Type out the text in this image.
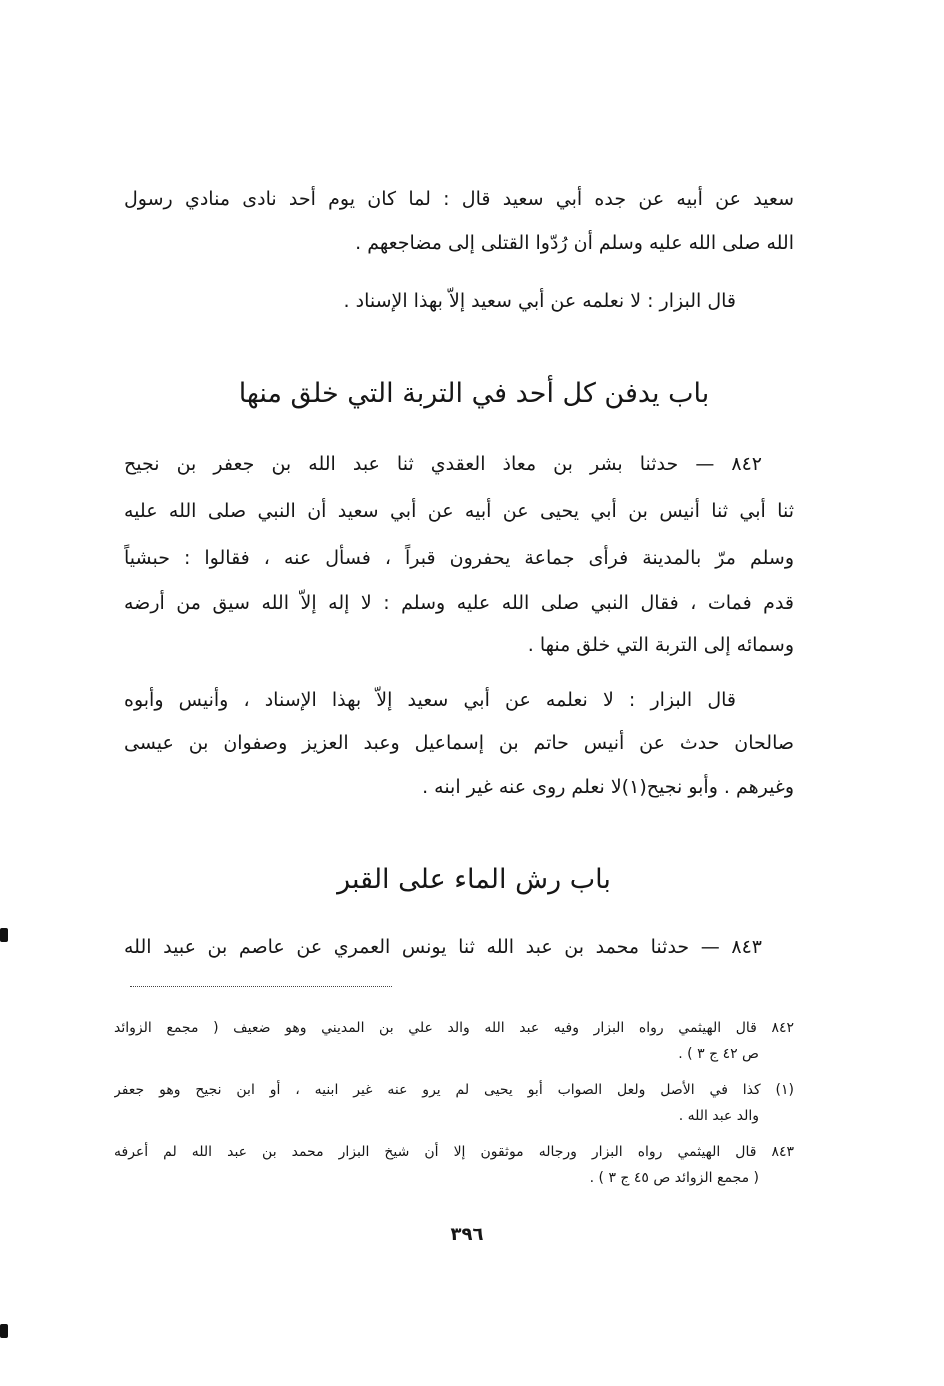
سعيد عن أبيه عن جده أبي سعيد قال : لما كان يوم أحد نادى منادي رسول
الله صلى الله عليه وسلم أن رُدّوا القتلى إلى مضاجعهم .
قال البزار : لا نعلمه عن أبي سعيد إلاّ بهذا الإسناد .
باب يدفن كل أحد في التربة التي خلق منها
٨٤٢ — حدثنا بشر بن معاذ العقدي ثنا عبد الله بن جعفر بن نجيح
ثنا أبي ثنا أنيس بن أبي يحيى عن أبيه عن أبي سعيد أن النبي صلى الله عليه
وسلم مرّ بالمدينة فرأى جماعة يحفرون قبراً ، فسأل عنه ، فقالوا : حبشياً
قدم فمات ، فقال النبي صلى الله عليه وسلم : لا إله إلاّ الله سيق من أرضه
وسمائه إلى التربة التي خلق منها .
قال البزار : لا نعلمه عن أبي سعيد إلاّ بهذا الإسناد ، وأنيس وأبوه
صالحان حدث عن أنيس حاتم بن إسماعيل وعبد العزيز وصفوان بن عيسى
وغيرهم . وأبو نجيح(١)لا نعلم روى عنه غير ابنه .
باب رش الماء على القبر
٨٤٣ — حدثنا محمد بن عبد الله ثنا يونس العمري عن عاصم بن عبيد الله
٨٤٢ قال الهيثمي رواه البزار وفيه عبد الله والد علي بن المديني وهو ضعيف ( مجمع الزوائد
ص ٤٢ ج ٣ ) .
(١) كذا في الأصل ولعل الصواب أبو يحيى لم يرو عنه غير ابنيه ، أو ابن نجيح وهو جعفر
والد عبد الله .
٨٤٣ قال الهيثمي رواه البزار ورجاله موثقون إلا أن شيخ البزار محمد بن عبد الله لم أعرفه
( مجمع الزوائد ص ٤٥ ج ٣ ) .
٣٩٦
